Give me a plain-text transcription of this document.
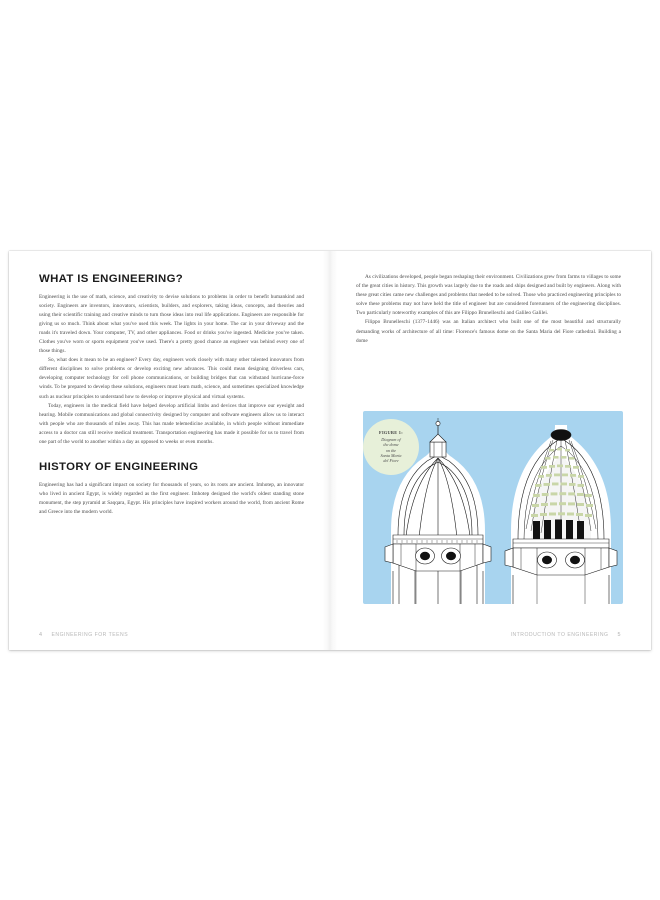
WHAT IS ENGINEERING?

Engineering is the use of math, science, and creativity to devise solutions to problems in order to benefit humankind and society. Engineers are inventors, innovators, scientists, builders, and explorers, taking ideas, concepts, and theories and using their scientific training and creative minds to turn those ideas into real life applications. Engineers are responsible for giving us so much. Think about what you've used this week. The lights in your home. The car in your driveway and the roads it's traveled down. Your computer, TV, and other appliances. Food or drinks you've ingested. Medicine you've taken. Clothes you've worn or sports equipment you've used. There's a pretty good chance an engineer was behind every one of those things.

So, what does it mean to be an engineer? Every day, engineers work closely with many other talented innovators from different disciplines to solve problems or develop exciting new advances. This could mean designing driverless cars, developing computer technology for cell phone communications, or building bridges that can withstand hurricane-force winds. To be prepared to develop these solutions, engineers must learn math, science, and sometimes specialized knowledge such as nuclear principles to understand how to develop or improve physical and virtual systems.

Today, engineers in the medical field have helped develop artificial limbs and devices that improve our eyesight and hearing. Mobile communications and global connectivity designed by computer and software engineers allow us to interact with people who are thousands of miles away. This has made telemedicine available, in which people without immediate access to a doctor can still receive medical treatment. Transportation engineering has made it possible for us to travel from one part of the world to another within a day as opposed to weeks or even months.

HISTORY OF ENGINEERING

Engineering has had a significant impact on society for thousands of years, so its roots are ancient. Imhotep, an innovator who lived in ancient Egypt, is widely regarded as the first engineer. Imhotep designed the world's oldest standing stone monument, the step pyramid at Saqqara, Egypt. His principles have inspired workers around the world, from ancient Rome and Greece into the modern world.

4 ENGINEERING FOR TEENS

As civilizations developed, people began reshaping their environment. Civilizations grew from farms to villages to some of the great cities in history. This growth was largely due to the roads and ships designed and built by engineers. Along with these great cities came new challenges and problems that needed to be solved. Those who practiced engineering principles to solve these problems may not have held the title of engineer but are considered forerunners of the engineering disciplines. Two particularly noteworthy examples of this are Filippo Brunelleschi and Galileo Galilei.

Filippo Brunelleschi (1377-1446) was an Italian architect who built one of the most beautiful and structurally demanding works of architecture of all time: Florence's famous dome on the Santa Maria del Fiore cathedral. Building a dome

INTRODUCTION TO ENGINEERING 5
FIGURE 1:
Diagram of
the dome
on the
Santa Maria
del Fiore
